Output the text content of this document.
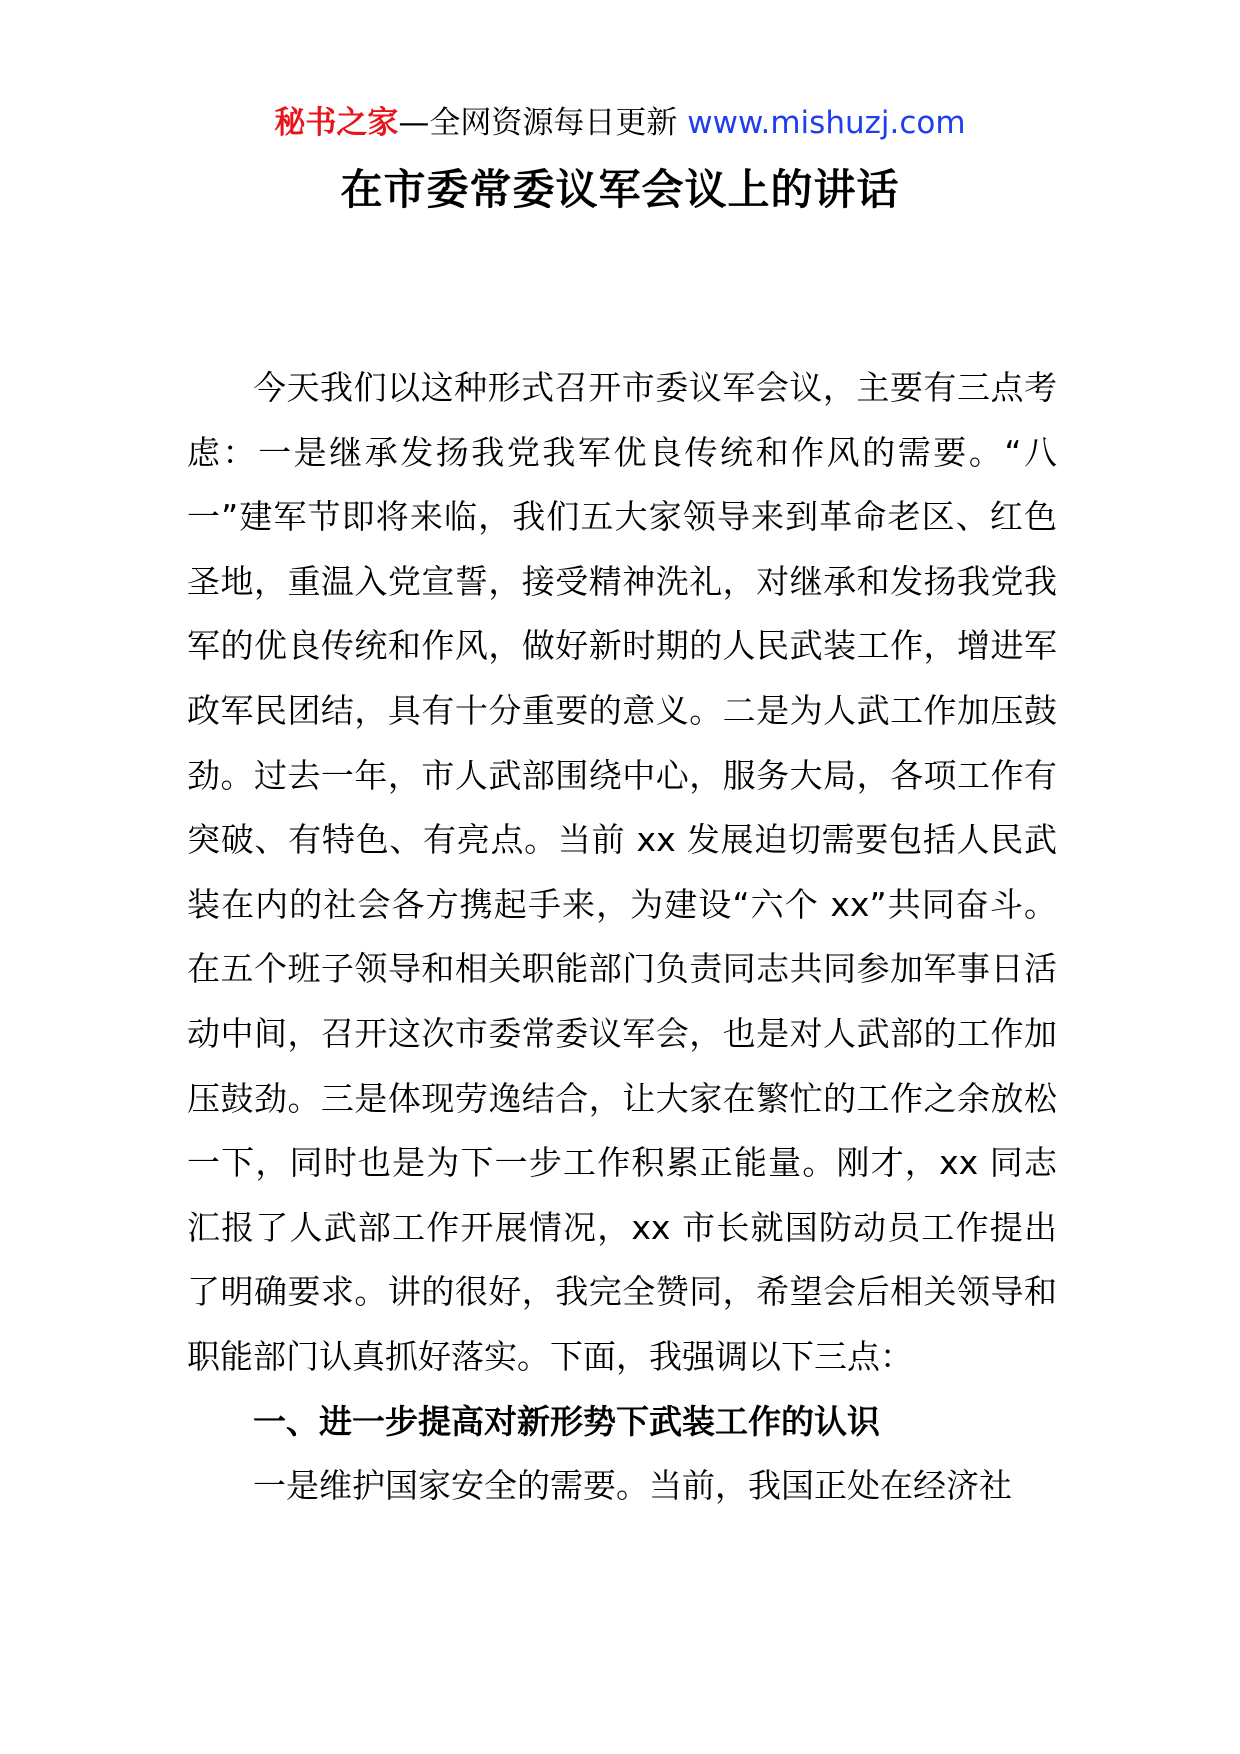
秘书之家—全网资源每日更新 www.mishuzj.com
在市委常委议军会议上的讲话

今天我们以这种形式召开市委议军会议，主要有三点考虑：一是继承发扬我党我军优良传统和作风的需要。“八一”建军节即将来临，我们五大家领导来到革命老区、红色圣地，重温入党宣誓，接受精神洗礼，对继承和发扬我党我军的优良传统和作风，做好新时期的人民武装工作，增进军政军民团结，具有十分重要的意义。二是为人武工作加压鼓劲。过去一年，市人武部围绕中心，服务大局，各项工作有突破、有特色、有亮点。当前 xx 发展迫切需要包括人民武装在内的社会各方携起手来，为建设“六个 xx”共同奋斗。在五个班子领导和相关职能部门负责同志共同参加军事日活动中间，召开这次市委常委议军会，也是对人武部的工作加压鼓劲。三是体现劳逸结合，让大家在繁忙的工作之余放松一下，同时也是为下一步工作积累正能量。刚才，xx 同志汇报了人武部工作开展情况，xx 市长就国防动员工作提出了明确要求。讲的很好，我完全赞同，希望会后相关领导和职能部门认真抓好落实。下面，我强调以下三点：

一、进一步提高对新形势下武装工作的认识

一是维护国家安全的需要。当前，我国正处在经济社
